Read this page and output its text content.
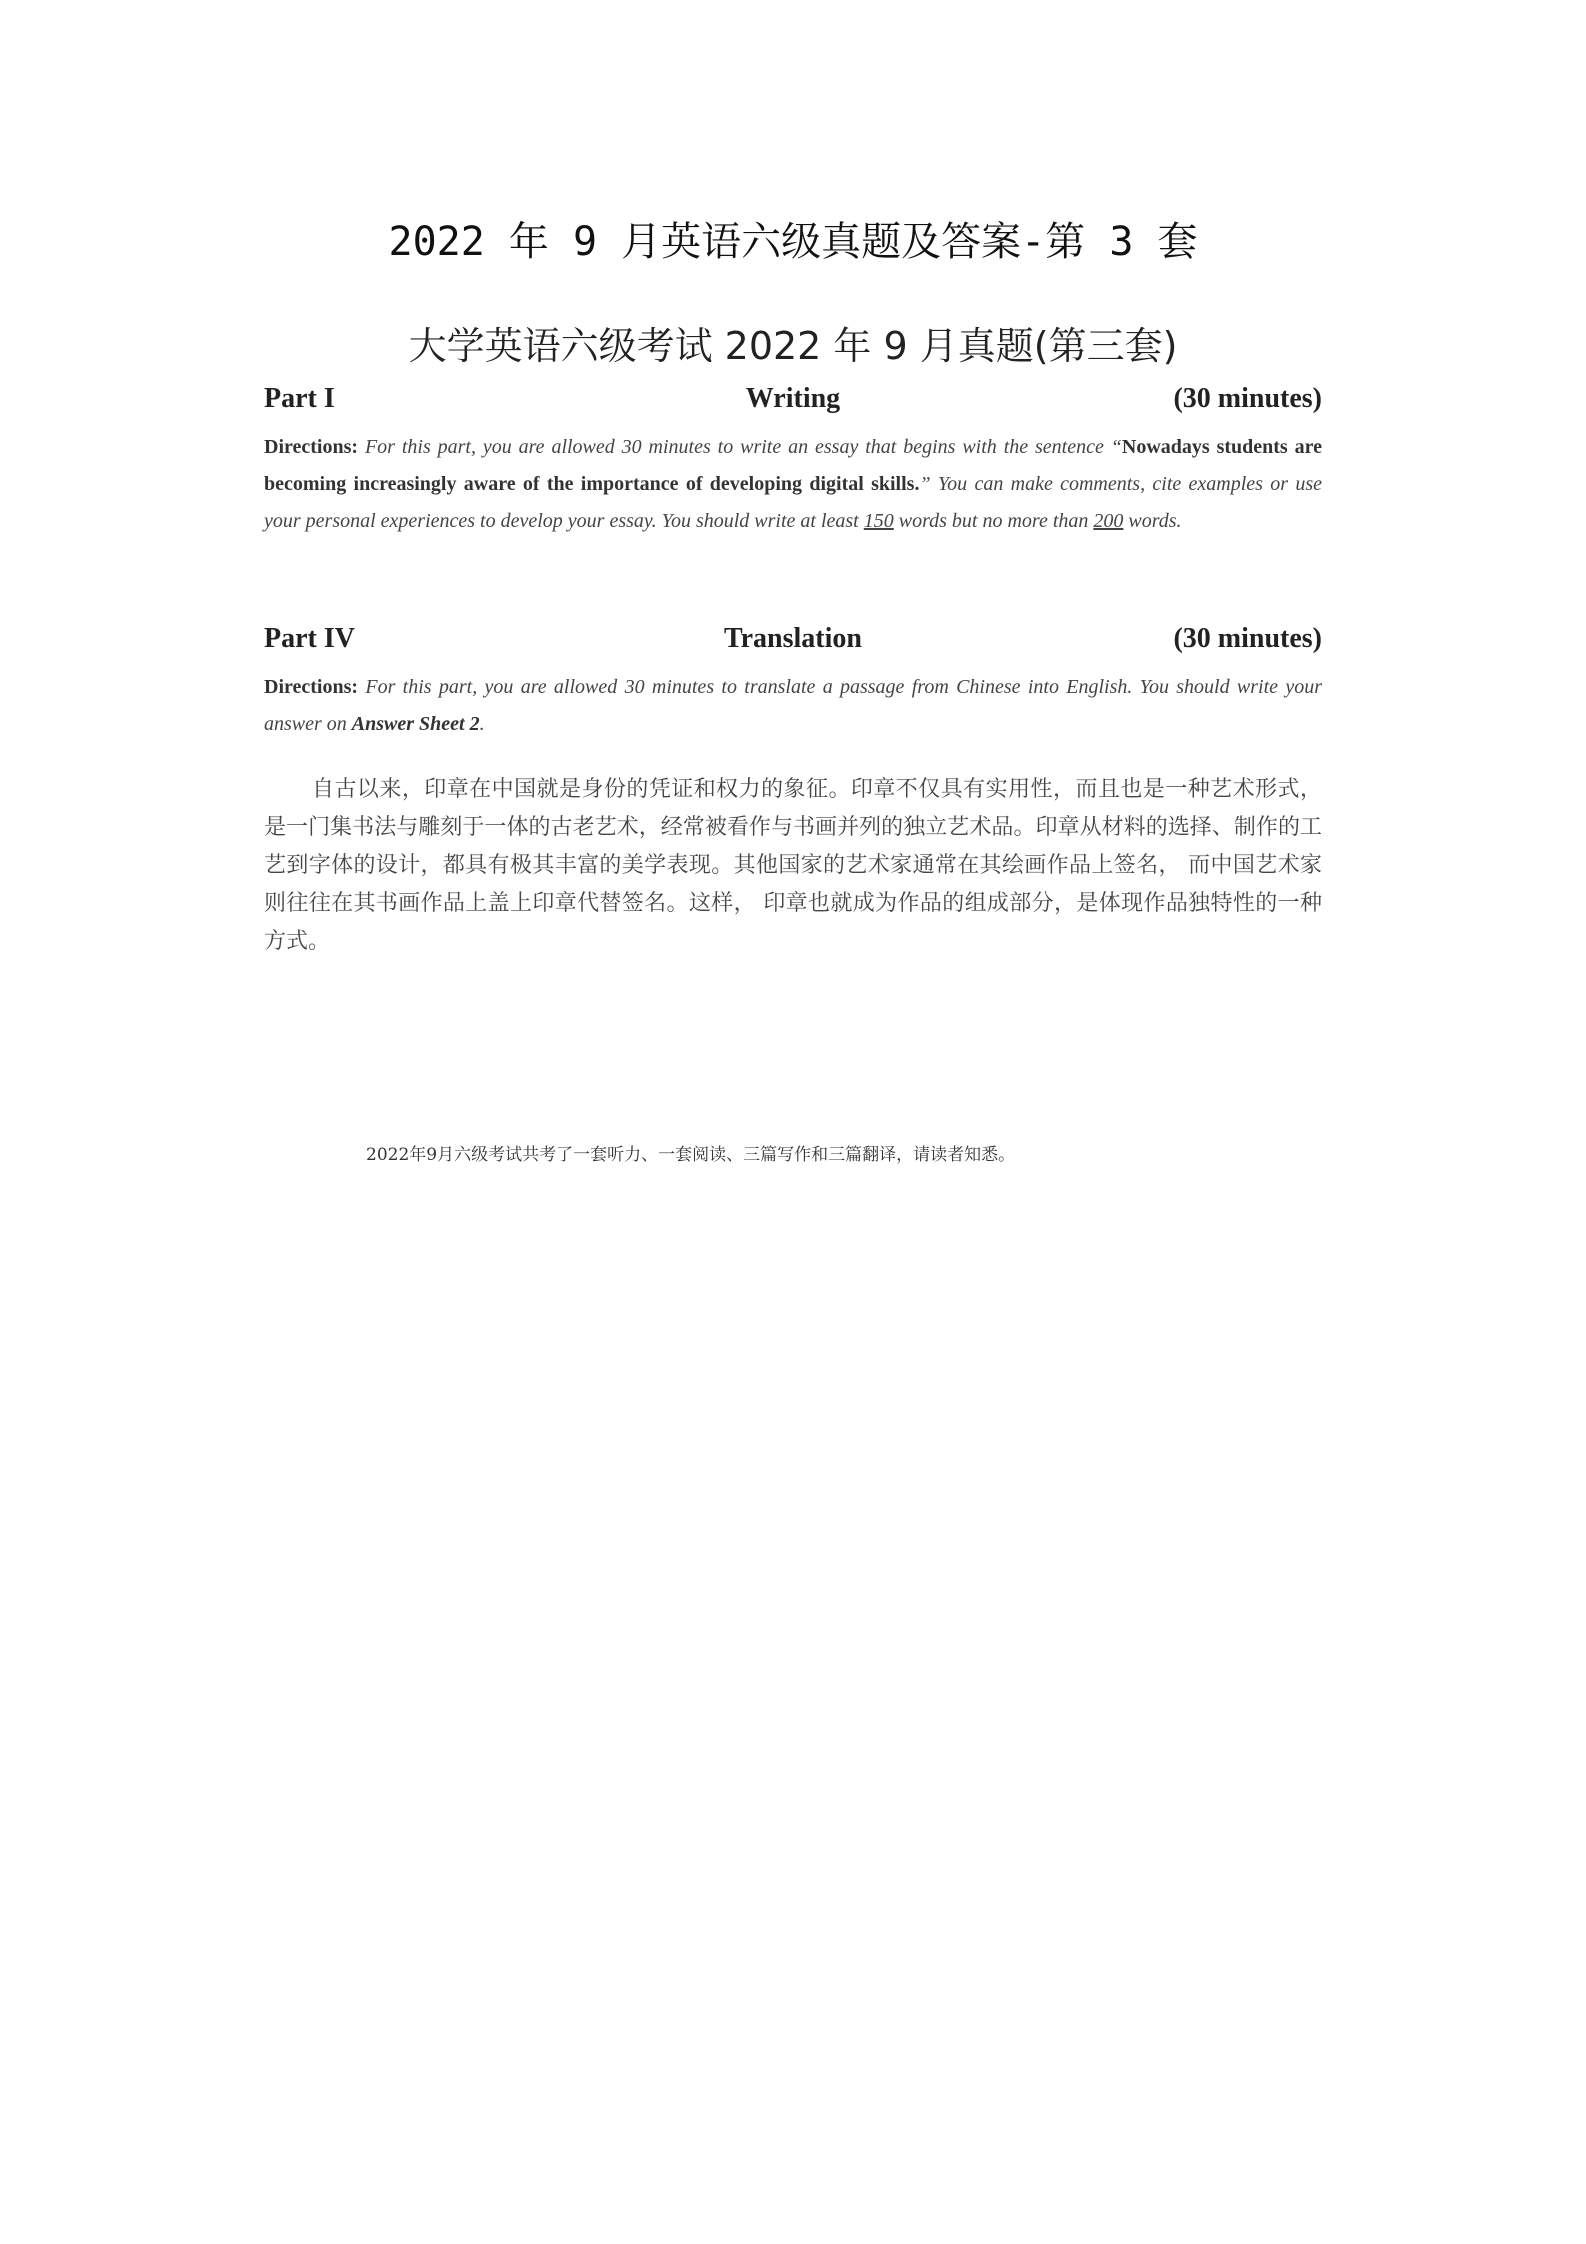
2022 年 9 月英语六级真题及答案-第 3 套
大学英语六级考试 2022 年 9 月真题(第三套)
Part I	Writing	(30 minutes)
Directions: For this part, you are allowed 30 minutes to write an essay that begins with the sentence “Nowadays students are becoming increasingly aware of the importance of developing digital skills.” You can make comments, cite examples or use your personal experiences to develop your essay. You should write at least 150 words but no more than 200 words.
Part IV	Translation	(30 minutes)
Directions: For this part, you are allowed 30 minutes to translate a passage from Chinese into English. You should write your answer on Answer Sheet 2.
自古以来，印章在中国就是身份的凭证和权力的象征。印章不仅具有实用性，而且也是一种艺术形式，是一门集书法与雕刻于一体的古老艺术，经常被看作与书画并列的独立艺术品。印章从材料的选择、制作的工艺到字体的设计，都具有极其丰富的美学表现。其他国家的艺术家通常在其绘画作品上签名， 而中国艺术家则往往在其书画作品上盖上印章代替签名。这样， 印章也就成为作品的组成部分，是体现作品独特性的一种方式。
2022年9月六级考试共考了一套听力、一套阅读、三篇写作和三篇翻译，请读者知悉。
